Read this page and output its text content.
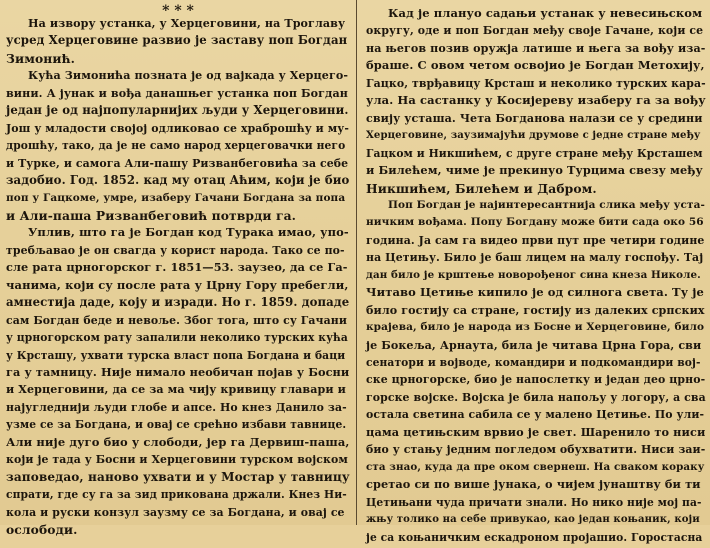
* * *
На извору устанка, у Херцеговини, на Троглаву
усред Херцеговине развио је заставу поп Богдан
Зимонић.
Кућа Зимонића позната је од вајкада у Херцего-
вини. А јунак и вођа данашњег устанка поп Богдан
један је од најпопуларнијих људи у Херцеговини.
Још у младости својој одликовао се храброшћу и му-
дрошћу, тако, да је не само народ херцеговачки него
и Турке, и самога Али-пашу Ризванбеговића за себе
задобио. Год. 1852. кад му отац Аћим, који је био
поп у Гацкоме, умре, изаберу Гачани Богдана за попа
и Али-паша Ризванбеговић потврди га.
Уплив, што га је Богдан код Турака имао, упо-
требљавао је он свагда у корист народа. Тако се по-
сле рата црногорског г. 1851—53. заузео, да се Га-
чанима, који су после рата у Црну Гору пребегли,
амнестија даде, коју и изради. Но г. 1859. допаде
сам Богдан беде и невоље. Због тога, што су Гачани
у црногорском рату запалили неколико турских кућа
у Крсташу, ухвати турска власт попа Богдана и баци
га у тамницу. Није нимало необичан појав у Босни
и Херцеговини, да се за ма чију кривицу главари и
најугледнији људи глобе и апсе. Но кнез Данило за-
узме се за Богдана, и овај се срећно избави тавнице.
Али није дуго био у слободи, јер га Дервиш-паша,
који је тада у Босни и Херцеговини турском војском
заповедао, наново ухвати и у Мостар у тавницу
спрати, где су га за зид прикована држали. Кнез Ни-
кола и руски конзул заузму се за Богдана, и овај се
ослободи.
Кад је плануо садањи устанак у невесињском
округу, оде и поп Богдан међу своје Гачане, који се
на његов позив оружја латише и њега за вођу иза-
браше. С овом четом освојио је Богдан Метохију,
Гацко, тврђавицу Крсташ и неколико турских кара-
ула. На састанку у Косијереву изаберу га за вођу
свију усташа. Чета Богданова налази се у средини
Херцеговине, заузимајући друмове с једне стране међу
Гацком и Никшићем, с друге стране међу Крсташем
и Билећем, чиме је прекинуо Турцима свезу међу
Никшићем, Билећем и Дабром.
Поп Богдан је најинтересантнија слика међу уста-
ничким вођама. Попу Богдану може бити сада око 56
година. Ја сам га видео први пут пре четири године
на Цетињу. Било је баш лицем на малу госпођу. Тај
дан било је крштење новорођеног сина кнеза Николе.
Читаво Цетиње кипило је од силнога света. Ту је
било гостију са стране, гостију из далеких српских
крајева, било је народа из Босне и Херцеговине, било
је Бокеља, Арнаута, била је читава Црна Гора, сви
сенатори и војводе, командири и подкомандири вој-
ске црногорске, био је напослетку и један део црно-
горске војске. Војска је била напољу у логору, а сва
остала светина сабила се у малено Цетиње. По ули-
цама цетињским врвио је свет. Шаренило то ниси
био у стању једним погледом обухватити. Ниси заи-
ста знао, куда да пре оком свернеш. На сваком кораку
сретао си по више јунака, о чијем јунаштву би ти
Цетињани чуда причати знали. Но нико није мој па-
жњу толико на себе привукао, као један коњаник, који
је са коњаничким ескадроном пројашио. Горостасна
